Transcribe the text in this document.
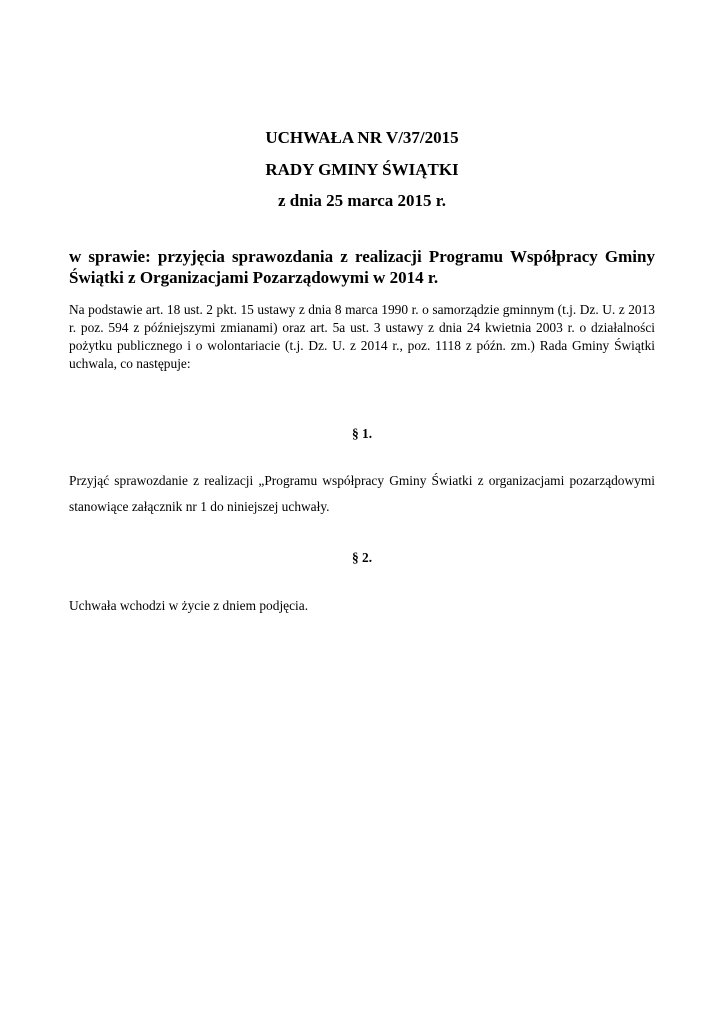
UCHWAŁA NR V/37/2015
RADY GMINY ŚWIĄTKI
z dnia 25 marca 2015 r.
w sprawie: przyjęcia sprawozdania z realizacji Programu Współpracy Gminy Świątki z Organizacjami Pozarządowymi w 2014 r.
Na podstawie art. 18 ust. 2 pkt. 15 ustawy z dnia 8 marca 1990 r. o samorządzie gminnym (t.j. Dz. U. z 2013 r. poz. 594 z późniejszymi zmianami) oraz art. 5a ust. 3 ustawy z dnia 24 kwietnia 2003 r. o działalności pożytku publicznego i o wolontariacie (t.j. Dz. U. z 2014 r., poz. 1118 z późn. zm.) Rada Gminy Świątki uchwala, co następuje:
§ 1.
Przyjąć sprawozdanie z realizacji „Programu współpracy Gminy Światki z organizacjami pozarządowymi stanowiące załącznik nr 1 do niniejszej uchwały.
§ 2.
Uchwała wchodzi w życie z dniem podjęcia.
